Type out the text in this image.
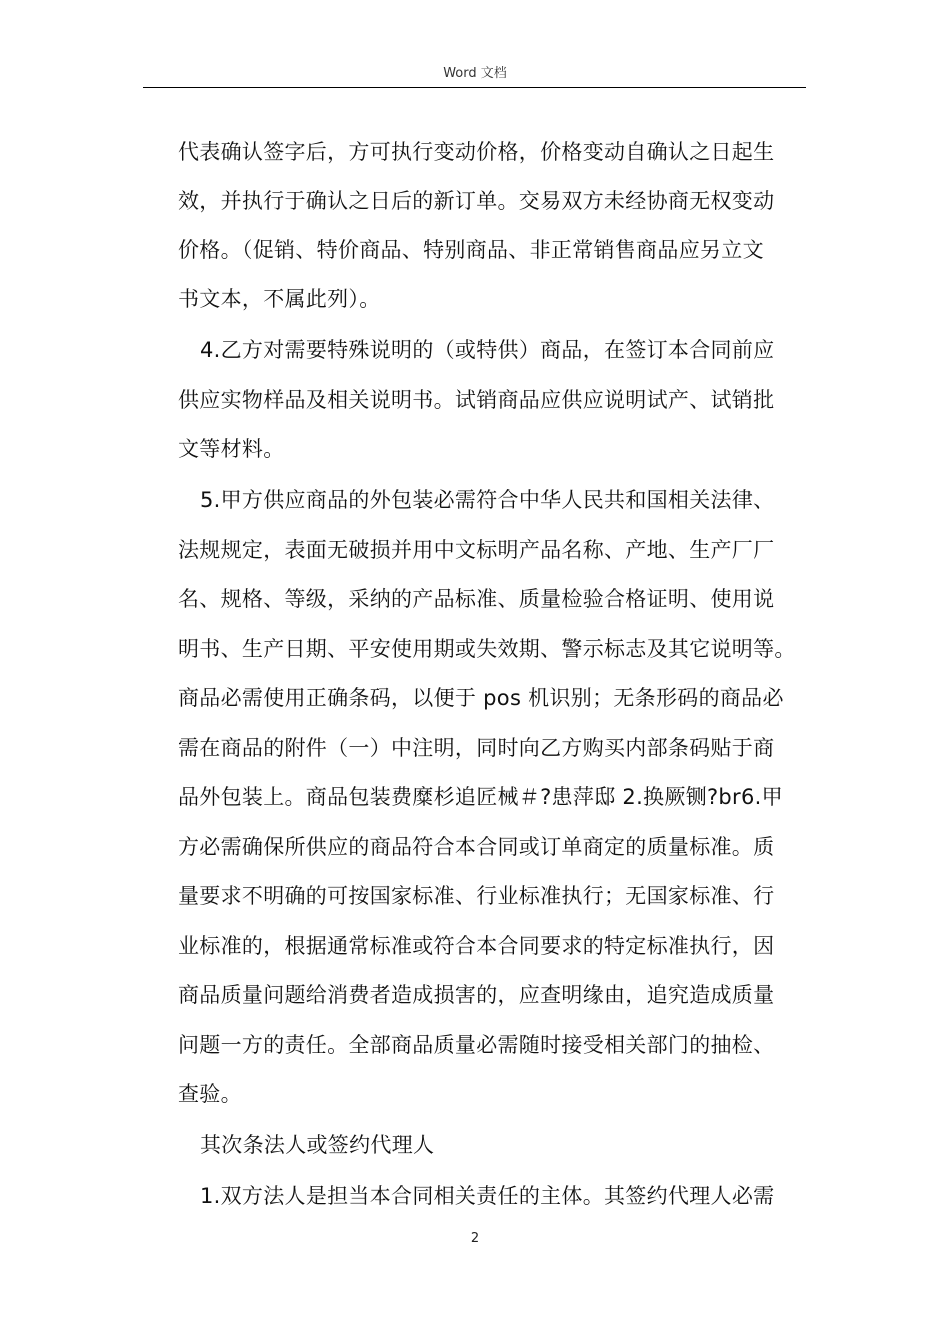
Word 文档
代表确认签字后，方可执行变动价格，价格变动自确认之日起生
效，并执行于确认之日后的新订单。交易双方未经协商无权变动
价格。（促销、特价商品、特别商品、非正常销售商品应另立文
书文本，不属此列）。
4.乙方对需要特殊说明的（或特供）商品，在签订本合同前应
供应实物样品及相关说明书。试销商品应供应说明试产、试销批
文等材料。
5.甲方供应商品的外包装必需符合中华人民共和国相关法律、
法规规定，表面无破损并用中文标明产品名称、产地、生产厂厂
名、规格、等级，采纳的产品标准、质量检验合格证明、使用说
明书、生产日期、平安使用期或失效期、警示标志及其它说明等。
商品必需使用正确条码，以便于 pos 机识别；无条形码的商品必
需在商品的附件（一）中注明，同时向乙方购买内部条码贴于商
品外包装上。商品包装费糜杉追匠械＃?患萍邸 2.换厥铡?br6.甲
方必需确保所供应的商品符合本合同或订单商定的质量标准。质
量要求不明确的可按国家标准、行业标准执行；无国家标准、行
业标准的，根据通常标准或符合本合同要求的特定标准执行，因
商品质量问题给消费者造成损害的，应查明缘由，追究造成质量
问题一方的责任。全部商品质量必需随时接受相关部门的抽检、
查验。
其次条法人或签约代理人
1.双方法人是担当本合同相关责任的主体。其签约代理人必需
2
